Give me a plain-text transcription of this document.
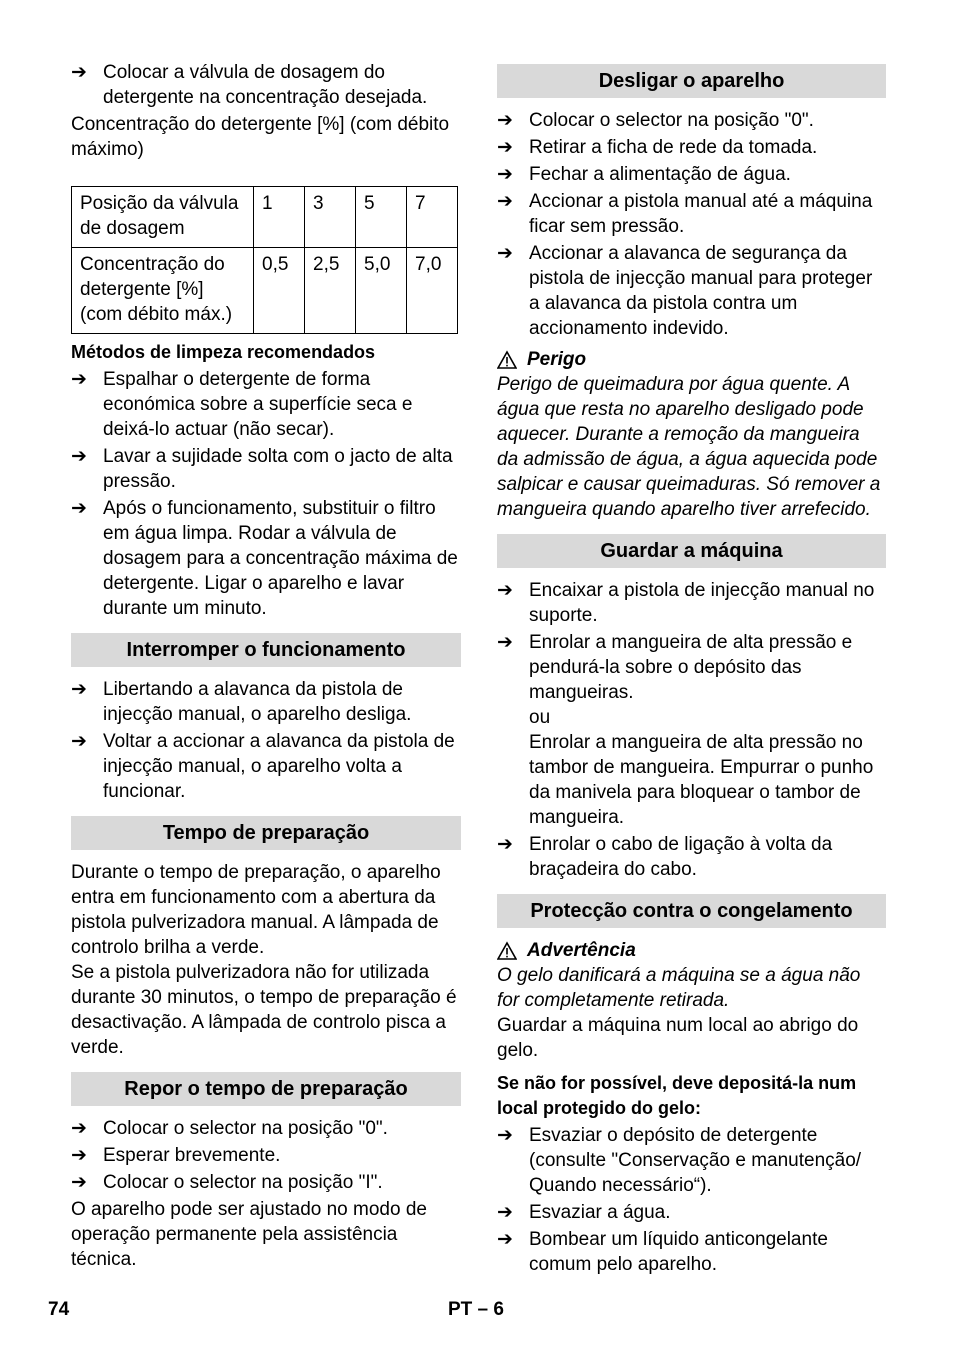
➔ Colocar a válvula de dosagem do detergente na concentração desejada.

Concentração do detergente [%] (com débito máximo)

Posição da válvula de dosagem	1	3	5	7
Concentração do detergente [%] (com débito máx.)	0,5	2,5	5,0	7,0
Métodos de limpeza recomendados
➔ Espalhar o detergente de forma económica sobre a superfície seca e deixá-lo actuar (não secar).
➔ Lavar a sujidade solta com o jacto de alta pressão.
➔ Após o funcionamento, substituir o filtro em água limpa. Rodar a válvula de dosagem para a concentração máxima de detergente. Ligar o aparelho e lavar durante um minuto.
Interromper o funcionamento
➔ Libertando a alavanca da pistola de injecção manual, o aparelho desliga.
➔ Voltar a accionar a alavanca da pistola de injecção manual, o aparelho volta a funcionar.
Tempo de preparação

Durante o tempo de preparação, o aparelho entra em funcionamento com a abertura da pistola pulverizadora manual. A lâmpada de controlo brilha a verde.

Se a pistola pulverizadora não for utilizada durante 30 minutos, o tempo de preparação é desactivação. A lâmpada de controlo pisca a verde.

Repor o tempo de preparação
➔ Colocar o selector na posição "0".
➔ Esperar brevemente.
➔ Colocar o selector na posição "I".

O aparelho pode ser ajustado no modo de operação permanente pela assistência técnica.

Desligar o aparelho
➔ Colocar o selector na posição "0".
➔ Retirar a ficha de rede da tomada.
➔ Fechar a alimentação de água.
➔ Accionar a pistola manual até a máquina ficar sem pressão.
➔ Accionar a alavanca de segurança da pistola de injecção manual para proteger a alavanca da pistola contra um accionamento indevido.
Perigo

Perigo de queimadura por água quente. A água que resta no aparelho desligado pode aquecer. Durante a remoção da mangueira da admissão de água, a água aquecida pode salpicar e causar queimaduras. Só remover a mangueira quando aparelho tiver arrefecido.

Guardar a máquina
➔ Encaixar a pistola de injecção manual no suporte.
➔ Enrolar a mangueira de alta pressão e pendurá-la sobre o depósito das mangueiras.
ou
Enrolar a mangueira de alta pressão no tambor de mangueira. Empurrar o punho da manivela para bloquear o tambor de mangueira.
➔ Enrolar o cabo de ligação à volta da braçadeira do cabo.
Protecção contra o congelamento
Advertência

O gelo danificará a máquina se a água não for completamente retirada.

Guardar a máquina num local ao abrigo do gelo.

Se não for possível, deve depositá-la num local protegido do gelo:
➔ Esvaziar o depósito de detergente (consulte "Conservação e manutenção/ Quando necessário“).
➔ Esvaziar a água.
➔ Bombear um líquido anticongelante comum pelo aparelho.
74	PT – 6
